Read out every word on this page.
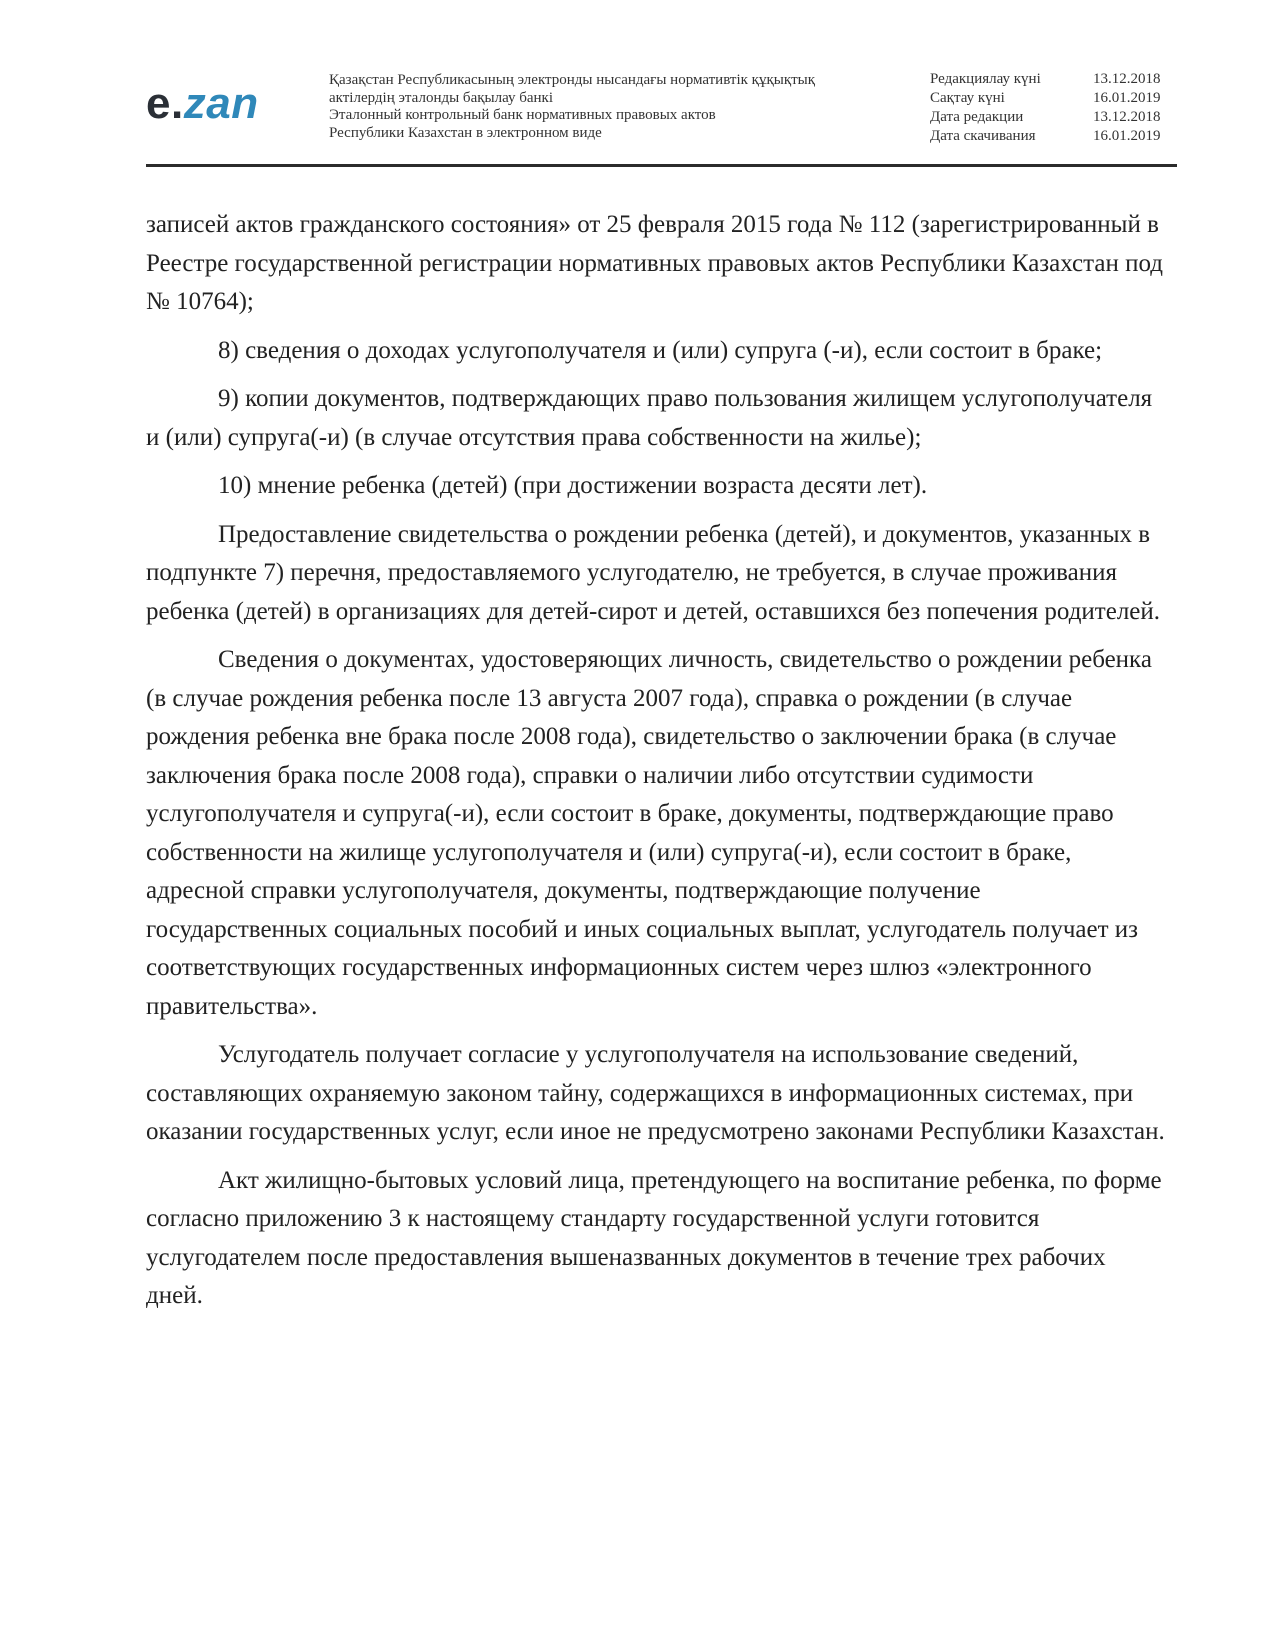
e.zan	Қазақстан Республикасының электронды нысандағы нормативтік құқықтық
актілердің эталонды бақылау банкі
Эталонный контрольный банк нормативных правовых актов
Республики Казахстан в электронном виде
Редакциялау күні	13.12.2018
Сақтау күні	16.01.2019
Дата редакции	13.12.2018
Дата скачивания	16.01.2019

записей актов гражданского состояния» от 25 февраля 2015 года № 112 (зарегистрированный в Реестре государственной регистрации нормативных правовых актов Республики Казахстан под № 10764);

8) сведения о доходах услугополучателя и (или) супруга (-и), если состоит в браке;

9) копии документов, подтверждающих право пользования жилищем услугополучателя и (или) супруга(-и) (в случае отсутствия права собственности на жилье);

10) мнение ребенка (детей) (при достижении возраста десяти лет).

Предоставление свидетельства о рождении ребенка (детей), и документов, указанных в подпункте 7) перечня, предоставляемого услугодателю, не требуется, в случае проживания ребенка (детей) в организациях для детей-сирот и детей, оставшихся без попечения родителей.

Сведения о документах, удостоверяющих личность, свидетельство о рождении ребенка (в случае рождения ребенка после 13 августа 2007 года), справка о рождении (в случае рождения ребенка вне брака после 2008 года), свидетельство о заключении брака (в случае заключения брака после 2008 года), справки о наличии либо отсутствии судимости услугополучателя и супруга(-и), если состоит в браке, документы, подтверждающие право собственности на жилище услугополучателя и (или) супруга(-и), если состоит в браке, адресной справки услугополучателя, документы, подтверждающие получение государственных социальных пособий и иных социальных выплат, услугодатель получает из соответствующих государственных информационных систем через шлюз «электронного правительства».

Услугодатель получает согласие у услугополучателя на использование сведений, составляющих охраняемую законом тайну, содержащихся в информационных системах, при оказании государственных услуг, если иное не предусмотрено законами Республики Казахстан.

Акт жилищно-бытовых условий лица, претендующего на воспитание ребенка, по форме согласно приложению 3 к настоящему стандарту государственной услуги готовится услугодателем после предоставления вышеназванных документов в течение трех рабочих дней.
